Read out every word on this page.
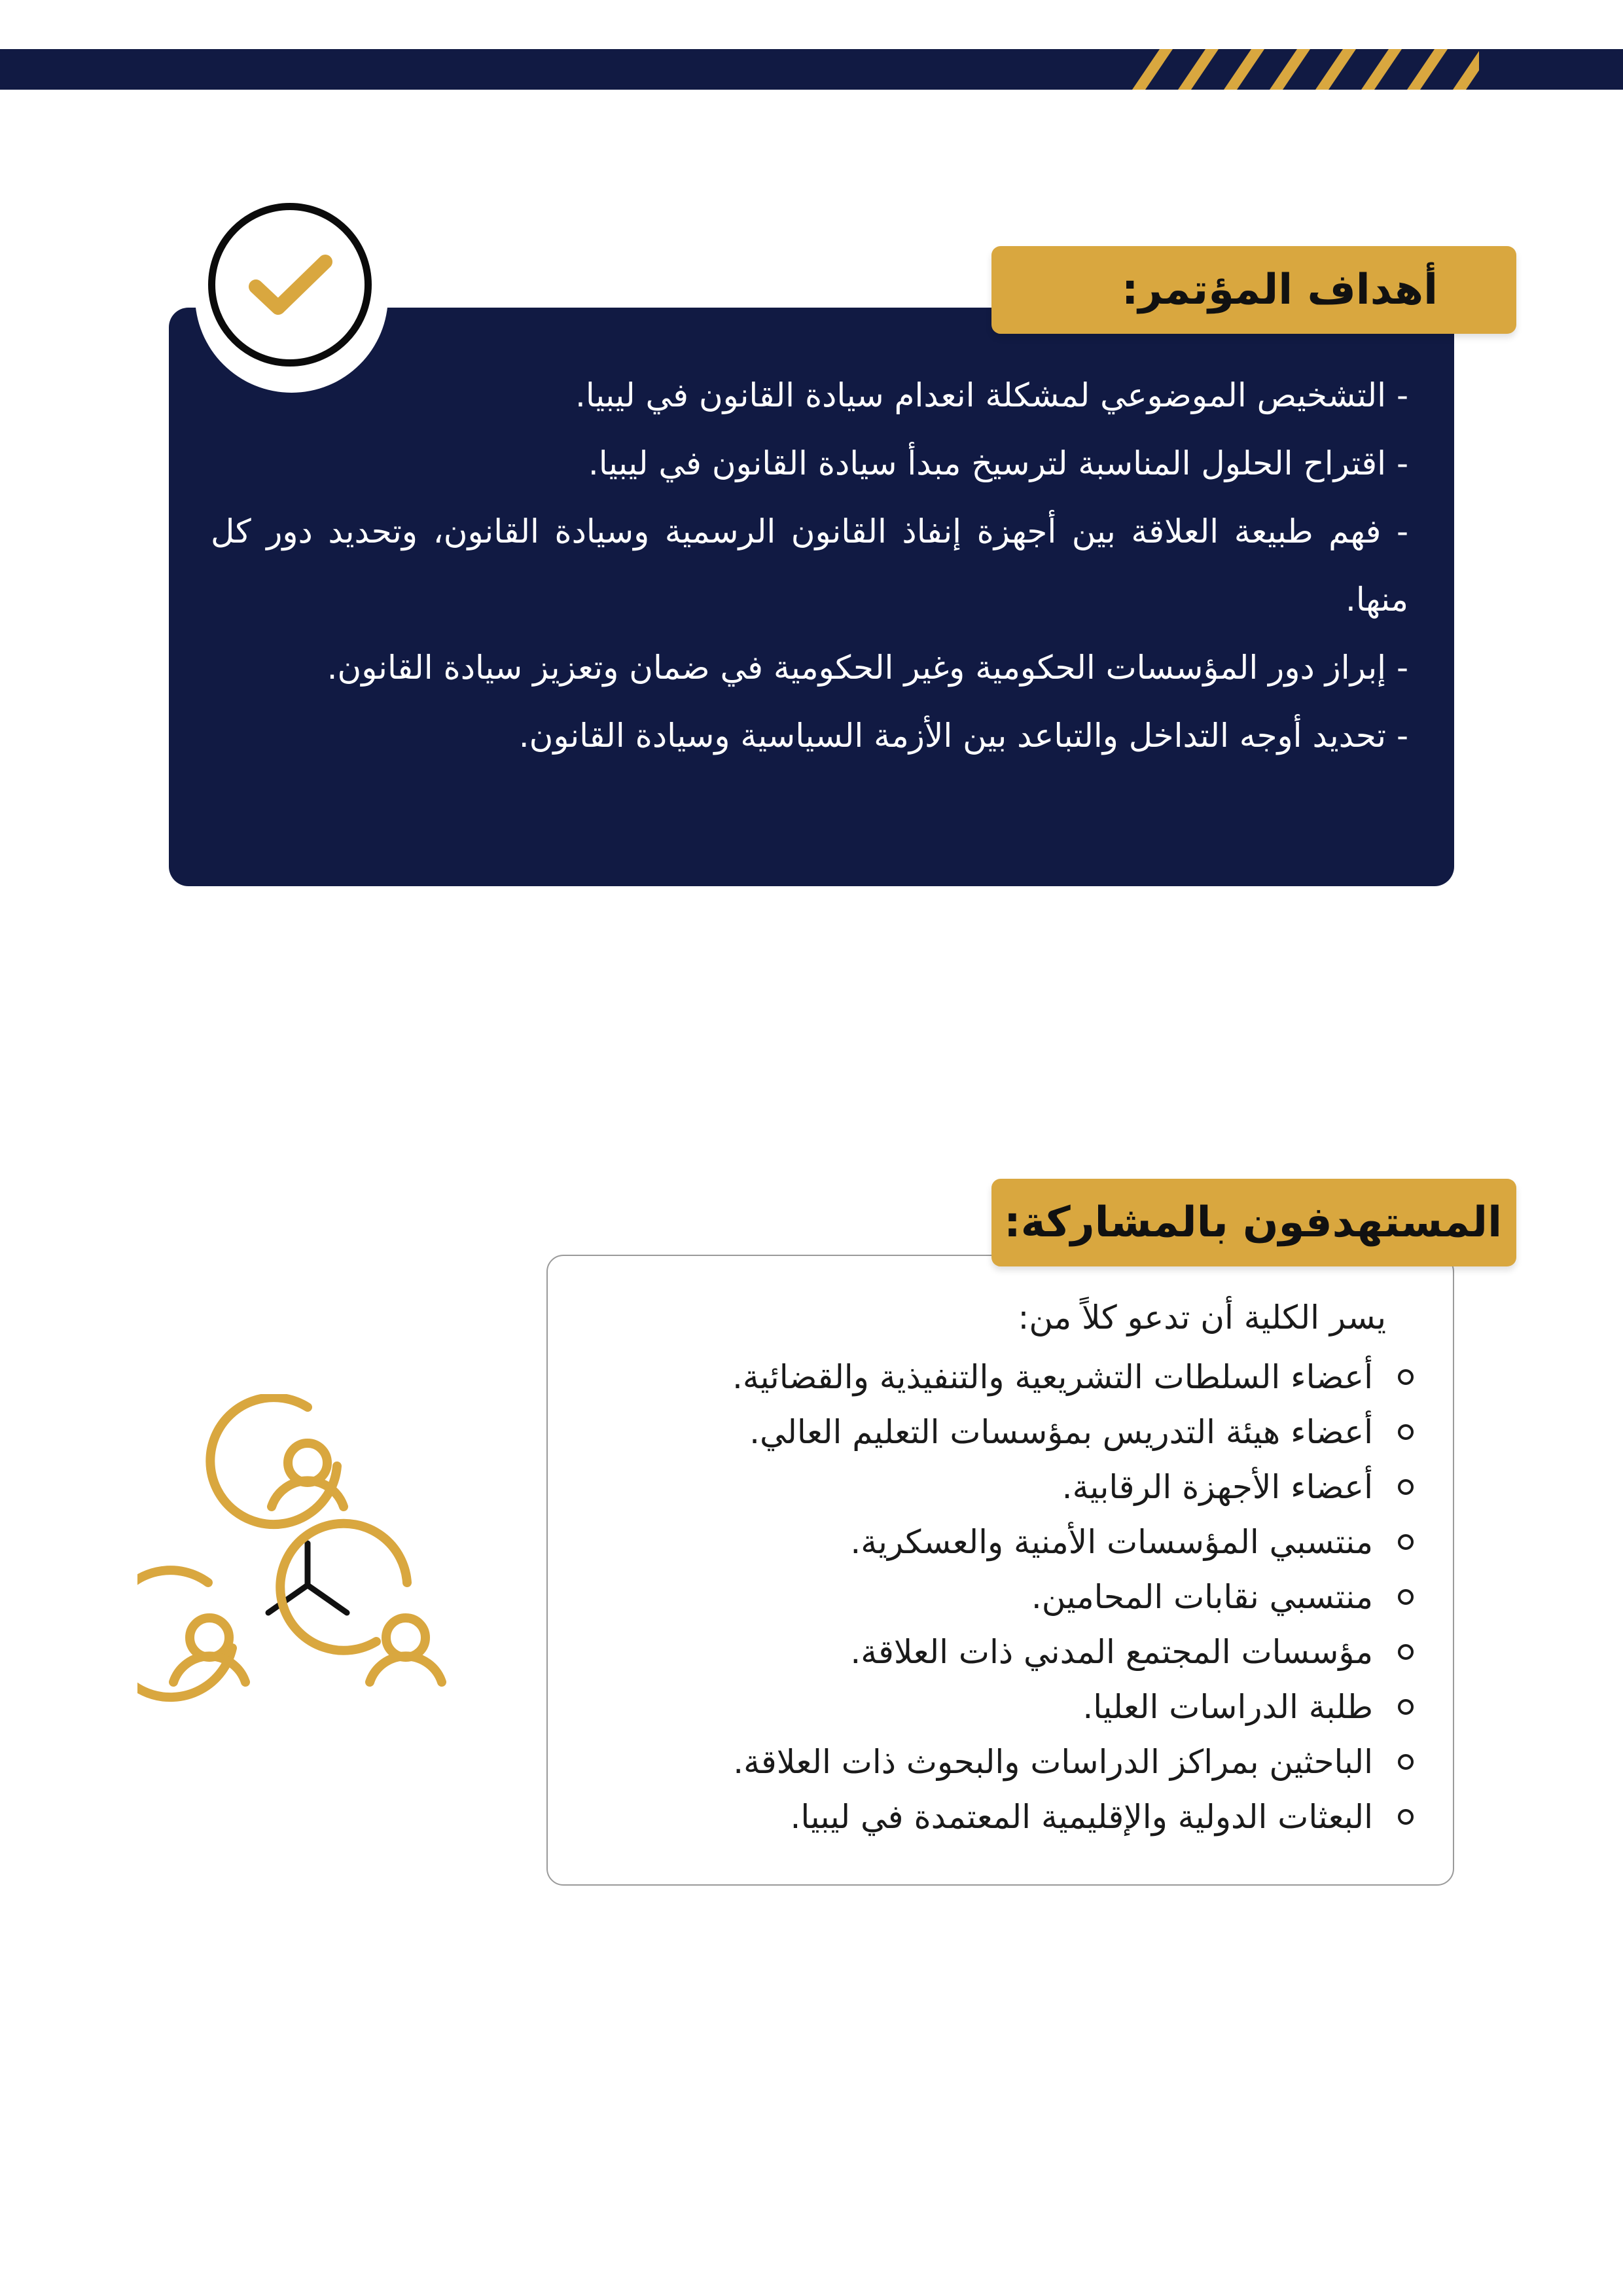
أهداف المؤتمر:
- التشخيص الموضوعي لمشكلة انعدام سيادة القانون في ليبيا.
- اقتراح الحلول المناسبة لترسيخ مبدأ سيادة القانون في ليبيا.
- فهم طبيعة العلاقة بين أجهزة إنفاذ القانون الرسمية وسيادة القانون، وتحديد دور كل منها.
- إبراز دور المؤسسات الحكومية وغير الحكومية في ضمان وتعزيز سيادة القانون.
- تحديد أوجه التداخل والتباعد بين الأزمة السياسية وسيادة القانون.
المستهدفون بالمشاركة:
يسر الكلية أن تدعو كلاً من:
أعضاء السلطات التشريعية والتنفيذية والقضائية.
أعضاء هيئة التدريس بمؤسسات التعليم العالي.
أعضاء الأجهزة الرقابية.
منتسبي المؤسسات الأمنية والعسكرية.
منتسبي نقابات المحامين.
مؤسسات المجتمع المدني ذات العلاقة.
طلبة الدراسات العليا.
الباحثين بمراكز الدراسات والبحوث ذات العلاقة.
البعثات الدولية والإقليمية المعتمدة في ليبيا.
